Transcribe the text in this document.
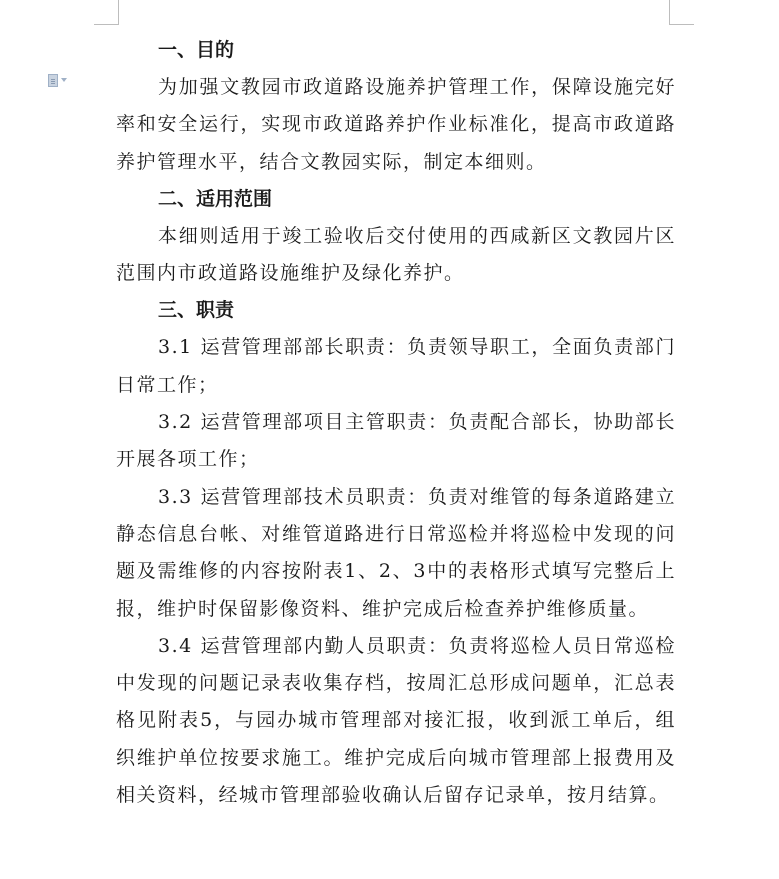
一、目的

为加强文教园市政道路设施养护管理工作，保障设施完好率和安全运行，实现市政道路养护作业标准化，提高市政道路养护管理水平，结合文教园实际，制定本细则。

二、适用范围

本细则适用于竣工验收后交付使用的西咸新区文教园片区范围内市政道路设施维护及绿化养护。

三、职责

3.1 运营管理部部长职责：负责领导职工，全面负责部门日常工作；

3.2 运营管理部项目主管职责：负责配合部长，协助部长开展各项工作；

3.3 运营管理部技术员职责：负责对维管的每条道路建立静态信息台帐、对维管道路进行日常巡检并将巡检中发现的问题及需维修的内容按附表1、2、3中的表格形式填写完整后上报，维护时保留影像资料、维护完成后检查养护维修质量。

3.4 运营管理部内勤人员职责：负责将巡检人员日常巡检中发现的问题记录表收集存档，按周汇总形成问题单，汇总表格见附表5，与园办城市管理部对接汇报，收到派工单后，组织维护单位按要求施工。维护完成后向城市管理部上报费用及相关资料，经城市管理部验收确认后留存记录单，按月结算。
